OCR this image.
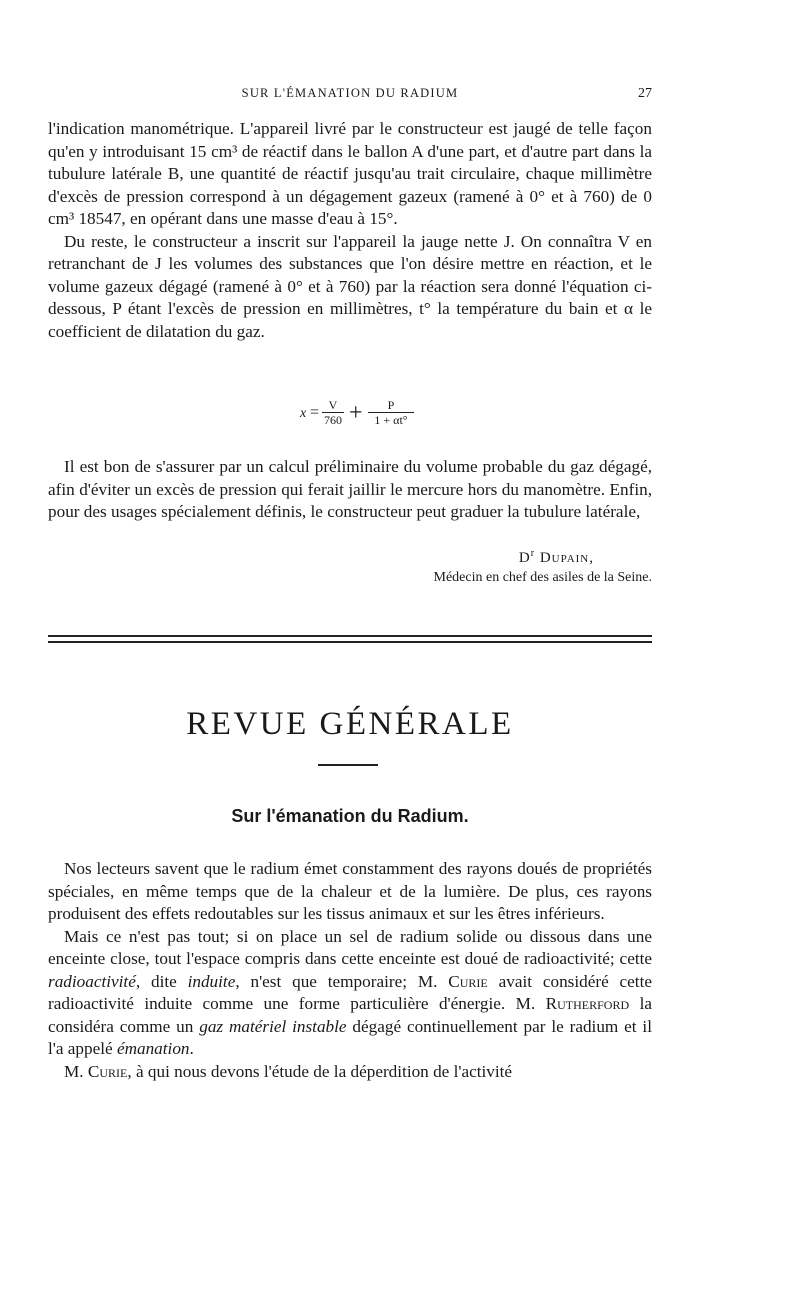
SUR L'ÉMANATION DU RADIUM	27

l'indication manométrique. L'appareil livré par le constructeur est jaugé de telle façon qu'en y introduisant 15 cm³ de réactif dans le ballon A d'une part, et d'autre part dans la tubulure latérale B, une quantité de réactif jusqu'au trait circulaire, chaque millimètre d'excès de pression correspond à un dégagement gazeux (ramené à 0° et à 760) de 0 cm³ 18547, en opérant dans une masse d'eau à 15°.

Du reste, le constructeur a inscrit sur l'appareil la jauge nette J. On connaîtra V en retranchant de J les volumes des substances que l'on désire mettre en réaction, et le volume gazeux dégagé (ramené à 0° et à 760) par la réaction sera donné l'équation ci-dessous, P étant l'excès de pression en millimètres, t° la température du bain et α le coefficient de dilatation du gaz.

$x = \frac{V}{760} + \frac{P}{1 + \alpha t^\circ}$

Il est bon de s'assurer par un calcul préliminaire du volume probable du gaz dégagé, afin d'éviter un excès de pression qui ferait jaillir le mercure hors du manomètre. Enfin, pour des usages spécialement définis, le constructeur peut graduer la tubulure latérale,

$D^r$ Dupain,
Médecin en chef des asiles de la Seine.
REVUE GÉNÉRALE
Sur l'émanation du Radium.

Nos lecteurs savent que le radium émet constamment des rayons doués de propriétés spéciales, en même temps que de la chaleur et de la lumière. De plus, ces rayons produisent des effets redoutables sur les tissus animaux et sur les êtres inférieurs.

Mais ce n'est pas tout; si on place un sel de radium solide ou dissous dans une enceinte close, tout l'espace compris dans cette enceinte est doué de radioactivité; cette radioactivité, dite induite, n'est que temporaire; M. Curie avait considéré cette radioactivité induite comme une forme particulière d'énergie. M. Rutherford la considéra comme un gaz matériel instable dégagé continuellement par le radium et il l'a appelé émanation.

M. Curie, à qui nous devons l'étude de la déperdition de l'activité
